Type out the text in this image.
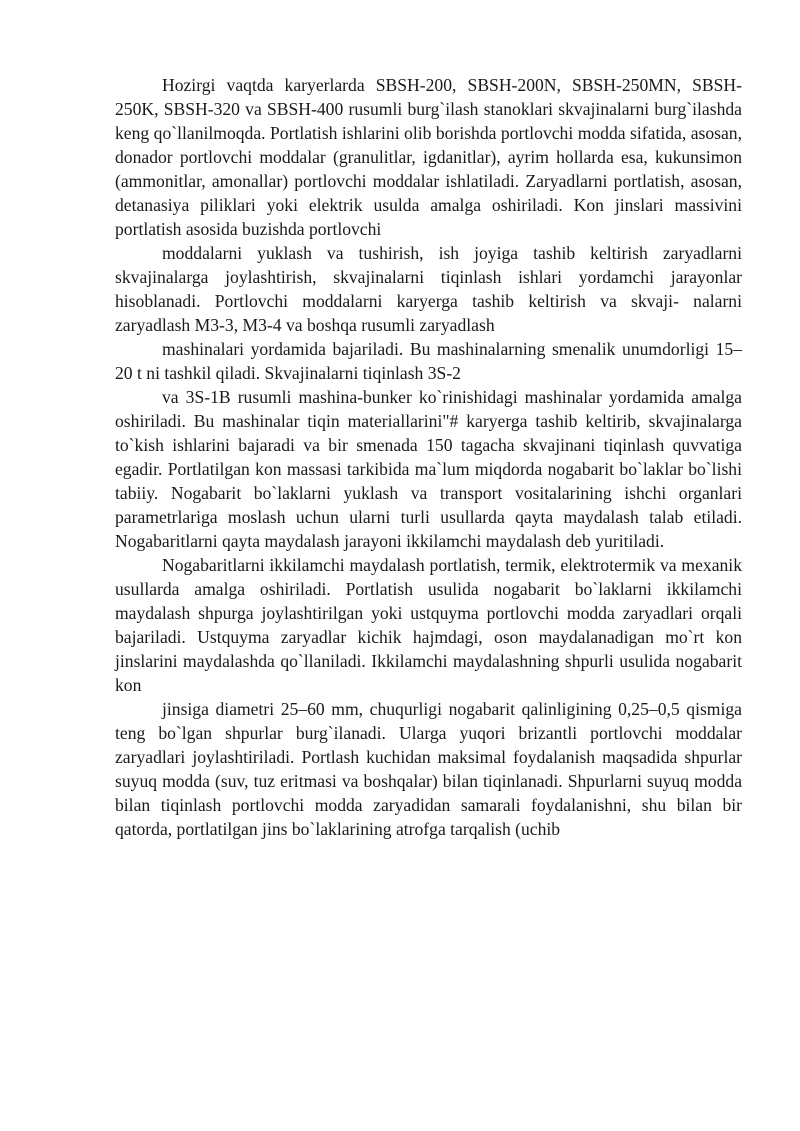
Hozirgi vaqtda karyerlarda SBSH-200, SBSH-200N, SBSH-250MN, SBSH-250K, SBSH-320 va SBSH-400 rusumli burg`ilash stanoklari skvajinalarni burg`ilashda keng qo`llanilmoqda. Portlatish ishlarini olib borishda portlovchi modda sifatida, asosan, donador portlovchi moddalar (granulitlar, igdanitlar), ayrim hollarda esa, kukunsimon (ammonitlar, amonallar) portlovchi moddalar ishlatiladi. Zaryadlarni portlatish, asosan, detanasiya piliklari yoki elektrik usulda amalga oshiriladi. Kon jinslari massivini portlatish asosida buzishda portlovchi

moddalarni yuklash va tushirish, ish joyiga tashib keltirish zaryadlarni skvajinalarga joylashtirish, skvajinalarni tiqinlash ishlari yordamchi jarayonlar hisoblanadi. Portlovchi moddalarni karyerga tashib keltirish va skvaji- nalarni zaryadlash M3-3, M3-4 va boshqa rusumli zaryadlash

mashinalari yordamida bajariladi. Bu mashinalarning smenalik unumdorligi 15–20 t ni tashkil qiladi. Skvajinalarni tiqinlash 3S-2

va 3S-1B rusumli mashina-bunker ko`rinishidagi mashinalar yordamida amalga oshiriladi. Bu mashinalar tiqin materiallarini"# karyerga tashib keltirib, skvajinalarga to`kish ishlarini bajaradi va bir smenada 150 tagacha skvajinani tiqinlash quvvatiga egadir. Portlatilgan kon massasi tarkibida ma`lum miqdorda nogabarit bo`laklar bo`lishi tabiiy. Nogabarit bo`laklarni yuklash va transport vositalarining ishchi organlari parametrlariga moslash uchun ularni turli usullarda qayta maydalash talab etiladi. Nogabaritlarni qayta maydalash jarayoni ikkilamchi maydalash deb yuritiladi.

Nogabaritlarni ikkilamchi maydalash portlatish, termik, elektrotermik va mexanik usullarda amalga oshiriladi. Portlatish usulida nogabarit bo`laklarni ikkilamchi maydalash shpurga joylashtirilgan yoki ustquyma portlovchi modda zaryadlari orqali bajariladi. Ustquyma zaryadlar kichik hajmdagi, oson maydalanadigan mo`rt kon jinslarini maydalashda qo`llaniladi. Ikkilamchi maydalashning shpurli usulida nogabarit kon

jinsiga diametri 25–60 mm, chuqurligi nogabarit qalinligining 0,25–0,5 qismiga teng bo`lgan shpurlar burg`ilanadi. Ularga yuqori brizantli portlovchi moddalar zaryadlari joylashtiriladi. Portlash kuchidan maksimal foydalanish maqsadida shpurlar suyuq modda (suv, tuz eritmasi va boshqalar) bilan tiqinlanadi. Shpurlarni suyuq modda bilan tiqinlash portlovchi modda zaryadidan samarali foydalanishni, shu bilan bir qatorda, portlatilgan jins bo`laklarining atrofga tarqalish (uchib
